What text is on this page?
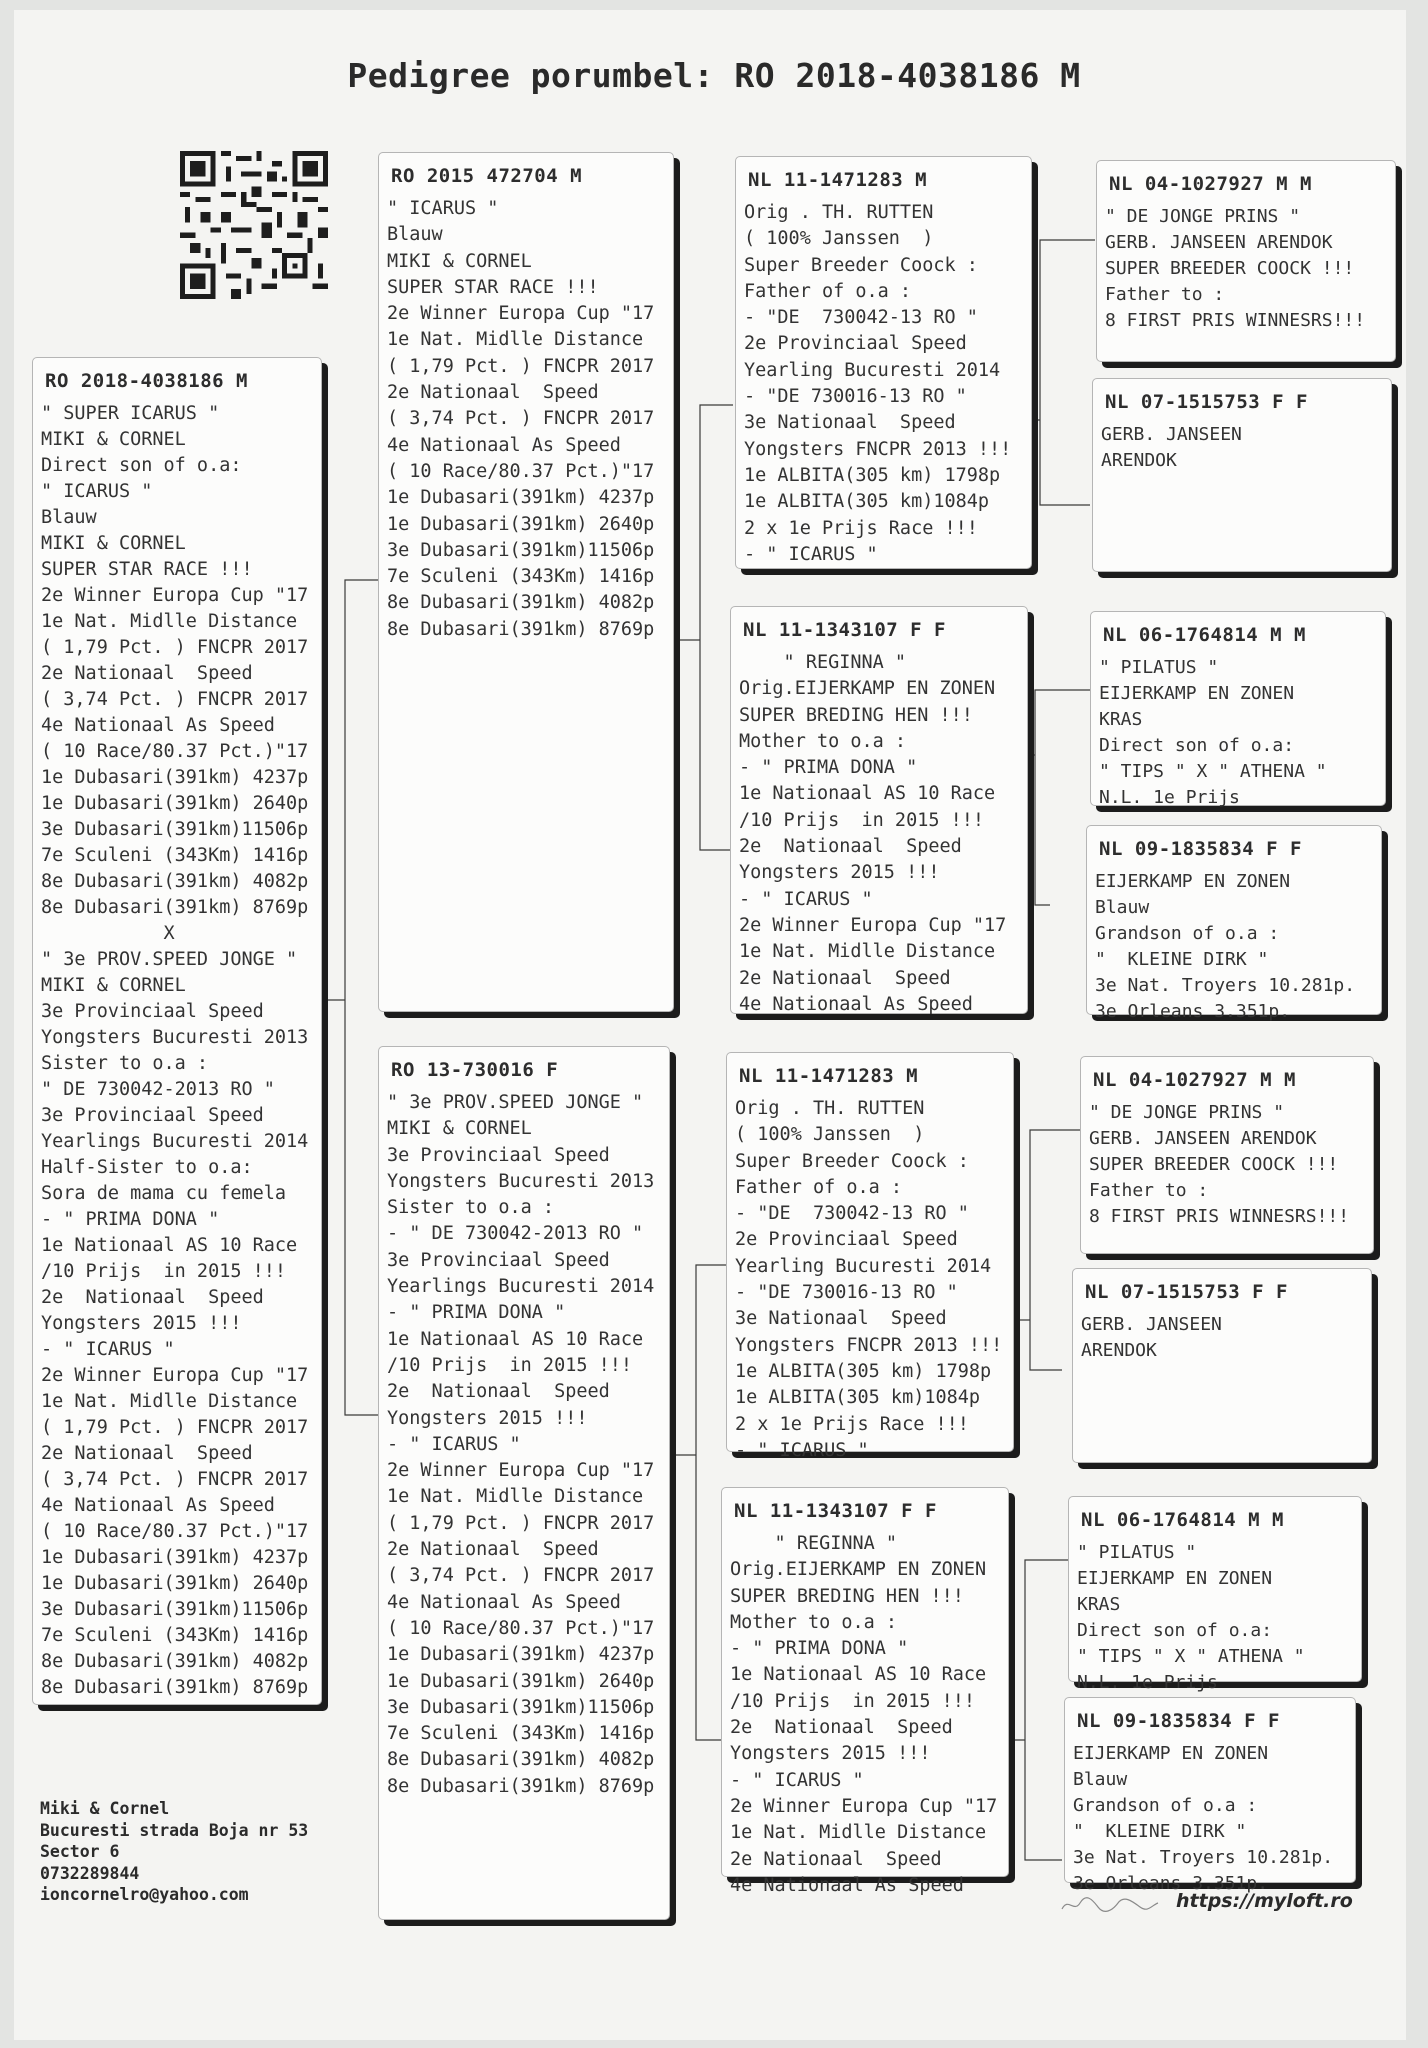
Pedigree porumbel: RO 2018-4038186 M
RO 2018-4038186 M
" SUPER ICARUS "
MIKI & CORNEL
Direct son of o.a:
" ICARUS "
Blauw
MIKI & CORNEL
SUPER STAR RACE !!!
2e Winner Europa Cup "17
1e Nat. Midlle Distance
( 1,79 Pct. ) FNCPR 2017
2e Nationaal  Speed
( 3,74 Pct. ) FNCPR 2017
4e Nationaal As Speed
( 10 Race/80.37 Pct.)"17
1e Dubasari(391km) 4237p
1e Dubasari(391km) 2640p
3e Dubasari(391km)11506p
7e Sculeni (343Km) 1416p
8e Dubasari(391km) 4082p
8e Dubasari(391km) 8769p
X
" 3e PROV.SPEED JONGE "
MIKI & CORNEL
3e Provinciaal Speed
Yongsters Bucuresti 2013
Sister to o.a :
" DE 730042-2013 RO "
3e Provinciaal Speed
Yearlings Bucuresti 2014
Half-Sister to o.a:
Sora de mama cu femela
- " PRIMA DONA "
1e Nationaal AS 10 Race
/10 Prijs  in 2015 !!!
2e  Nationaal  Speed
Yongsters 2015 !!!
- " ICARUS "
2e Winner Europa Cup "17
1e Nat. Midlle Distance
( 1,79 Pct. ) FNCPR 2017
2e Nationaal  Speed
( 3,74 Pct. ) FNCPR 2017
4e Nationaal As Speed
( 10 Race/80.37 Pct.)"17
1e Dubasari(391km) 4237p
1e Dubasari(391km) 2640p
3e Dubasari(391km)11506p
7e Sculeni (343Km) 1416p
8e Dubasari(391km) 4082p
8e Dubasari(391km) 8769p
RO 2015 472704 M
" ICARUS "
Blauw
MIKI & CORNEL
SUPER STAR RACE !!!
2e Winner Europa Cup "17
1e Nat. Midlle Distance
( 1,79 Pct. ) FNCPR 2017
2e Nationaal  Speed
( 3,74 Pct. ) FNCPR 2017
4e Nationaal As Speed
( 10 Race/80.37 Pct.)"17
1e Dubasari(391km) 4237p
1e Dubasari(391km) 2640p
3e Dubasari(391km)11506p
7e Sculeni (343Km) 1416p
8e Dubasari(391km) 4082p
8e Dubasari(391km) 8769p
RO 13-730016 F
" 3e PROV.SPEED JONGE "
MIKI & CORNEL
3e Provinciaal Speed
Yongsters Bucuresti 2013
Sister to o.a :
- " DE 730042-2013 RO "
3e Provinciaal Speed
Yearlings Bucuresti 2014
- " PRIMA DONA "
1e Nationaal AS 10 Race
/10 Prijs  in 2015 !!!
2e  Nationaal  Speed
Yongsters 2015 !!!
- " ICARUS "
2e Winner Europa Cup "17
1e Nat. Midlle Distance
( 1,79 Pct. ) FNCPR 2017
2e Nationaal  Speed
( 3,74 Pct. ) FNCPR 2017
4e Nationaal As Speed
( 10 Race/80.37 Pct.)"17
1e Dubasari(391km) 4237p
1e Dubasari(391km) 2640p
3e Dubasari(391km)11506p
7e Sculeni (343Km) 1416p
8e Dubasari(391km) 4082p
8e Dubasari(391km) 8769p
NL 11-1471283 M
Orig . TH. RUTTEN
( 100% Janssen  )
Super Breeder Coock :
Father of o.a :
- "DE  730042-13 RO "
2e Provinciaal Speed
Yearling Bucuresti 2014
- "DE 730016-13 RO "
3e Nationaal  Speed
Yongsters FNCPR 2013 !!!
1e ALBITA(305 km) 1798p
1e ALBITA(305 km)1084p
2 x 1e Prijs Race !!!
- " ICARUS "
NL 11-1343107 F F
" REGINNA "
Orig.EIJERKAMP EN ZONEN
SUPER BREDING HEN !!!
Mother to o.a :
- " PRIMA DONA "
1e Nationaal AS 10 Race
/10 Prijs  in 2015 !!!
2e  Nationaal  Speed
Yongsters 2015 !!!
- " ICARUS "
2e Winner Europa Cup "17
1e Nat. Midlle Distance
2e Nationaal  Speed
4e Nationaal As Speed
NL 11-1471283 M
Orig . TH. RUTTEN
( 100% Janssen  )
Super Breeder Coock :
Father of o.a :
- "DE  730042-13 RO "
2e Provinciaal Speed
Yearling Bucuresti 2014
- "DE 730016-13 RO "
3e Nationaal  Speed
Yongsters FNCPR 2013 !!!
1e ALBITA(305 km) 1798p
1e ALBITA(305 km)1084p
2 x 1e Prijs Race !!!
- " ICARUS "
NL 11-1343107 F F
" REGINNA "
Orig.EIJERKAMP EN ZONEN
SUPER BREDING HEN !!!
Mother to o.a :
- " PRIMA DONA "
1e Nationaal AS 10 Race
/10 Prijs  in 2015 !!!
2e  Nationaal  Speed
Yongsters 2015 !!!
- " ICARUS "
2e Winner Europa Cup "17
1e Nat. Midlle Distance
2e Nationaal  Speed
4e Nationaal As Speed
NL 04-1027927 M M
" DE JONGE PRINS "
GERB. JANSEEN ARENDOK
SUPER BREEDER COOCK !!!
Father to :
8 FIRST PRIS WINNESRS!!!
NL 07-1515753 F F
GERB. JANSEEN
ARENDOK
NL 06-1764814 M M
" PILATUS "
EIJERKAMP EN ZONEN
KRAS
Direct son of o.a:
" TIPS " X " ATHENA "
N.L. 1e Prijs
NL 09-1835834 F F
EIJERKAMP EN ZONEN
Blauw
Grandson of o.a :
"  KLEINE DIRK "
3e Nat. Troyers 10.281p.
3e Orleans 3.351p.
NL 04-1027927 M M
" DE JONGE PRINS "
GERB. JANSEEN ARENDOK
SUPER BREEDER COOCK !!!
Father to :
8 FIRST PRIS WINNESRS!!!
NL 07-1515753 F F
GERB. JANSEEN
ARENDOK
NL 06-1764814 M M
" PILATUS "
EIJERKAMP EN ZONEN
KRAS
Direct son of o.a:
" TIPS " X " ATHENA "
N.L. 1e Prijs
NL 09-1835834 F F
EIJERKAMP EN ZONEN
Blauw
Grandson of o.a :
"  KLEINE DIRK "
3e Nat. Troyers 10.281p.
3e Orleans 3.351p.
Miki & Cornel
Bucuresti strada Boja nr 53
Sector 6
0732289844
ioncornelro@yahoo.com	https://myloft.ro
